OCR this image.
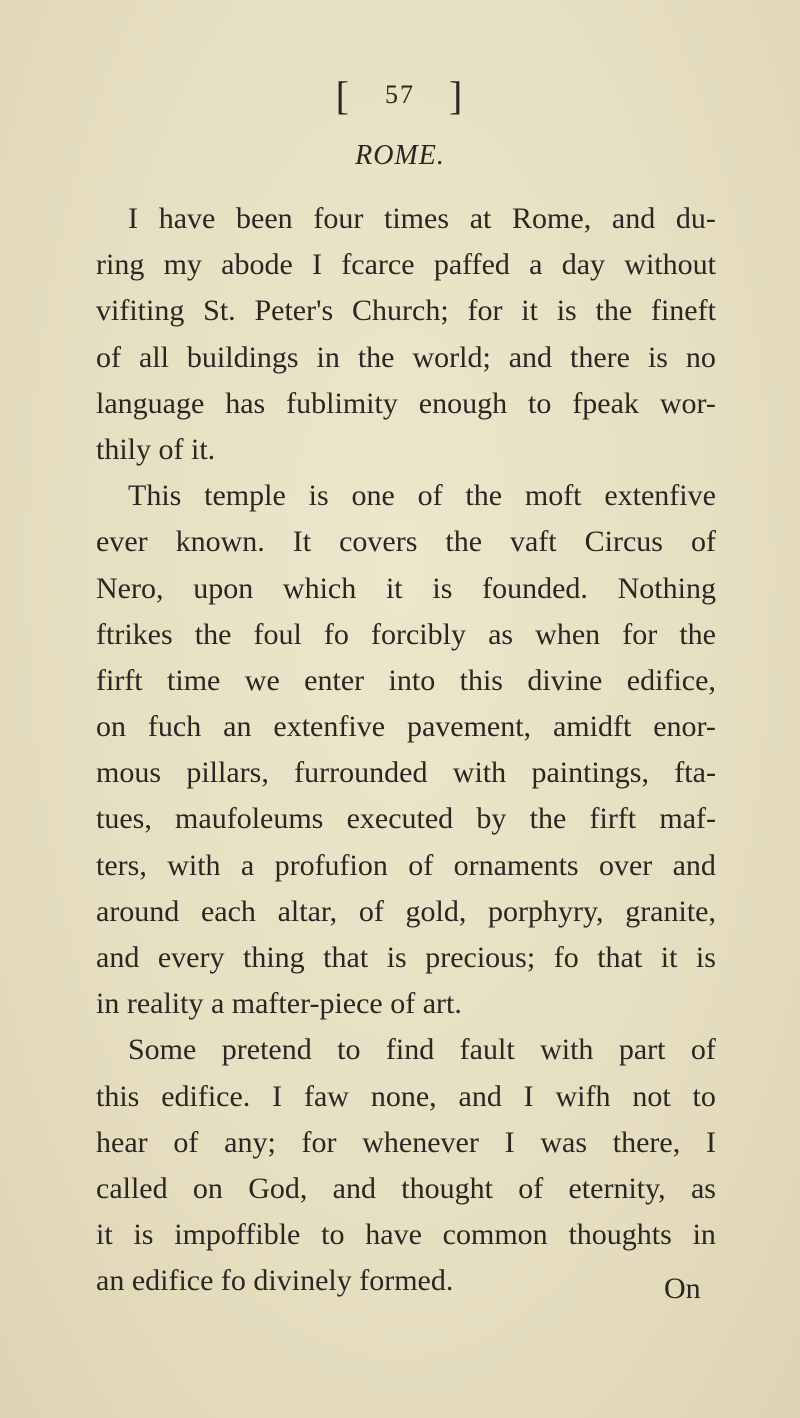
[ 57 ]
ROME.
I have been four times at Rome, and du-
ring my abode I fcarce paffed a day without
vifiting St. Peter's Church; for it is the fineft
of all buildings in the world; and there is no
language has fublimity enough to fpeak wor-
thily of it.
This temple is one of the moft extenfive
ever known. It covers the vaft Circus of
Nero, upon which it is founded. Nothing
ftrikes the foul fo forcibly as when for the
firft time we enter into this divine edifice,
on fuch an extenfive pavement, amidft enor-
mous pillars, furrounded with paintings, fta-
tues, maufoleums executed by the firft maf-
ters, with a profufion of ornaments over and
around each altar, of gold, porphyry, granite,
and every thing that is precious; fo that it is
in reality a mafter-piece of art.
Some pretend to find fault with part of
this edifice. I faw none, and I wifh not to
hear of any; for whenever I was there, I
called on God, and thought of eternity, as
it is impoffible to have common thoughts in
an edifice fo divinely formed.	On
